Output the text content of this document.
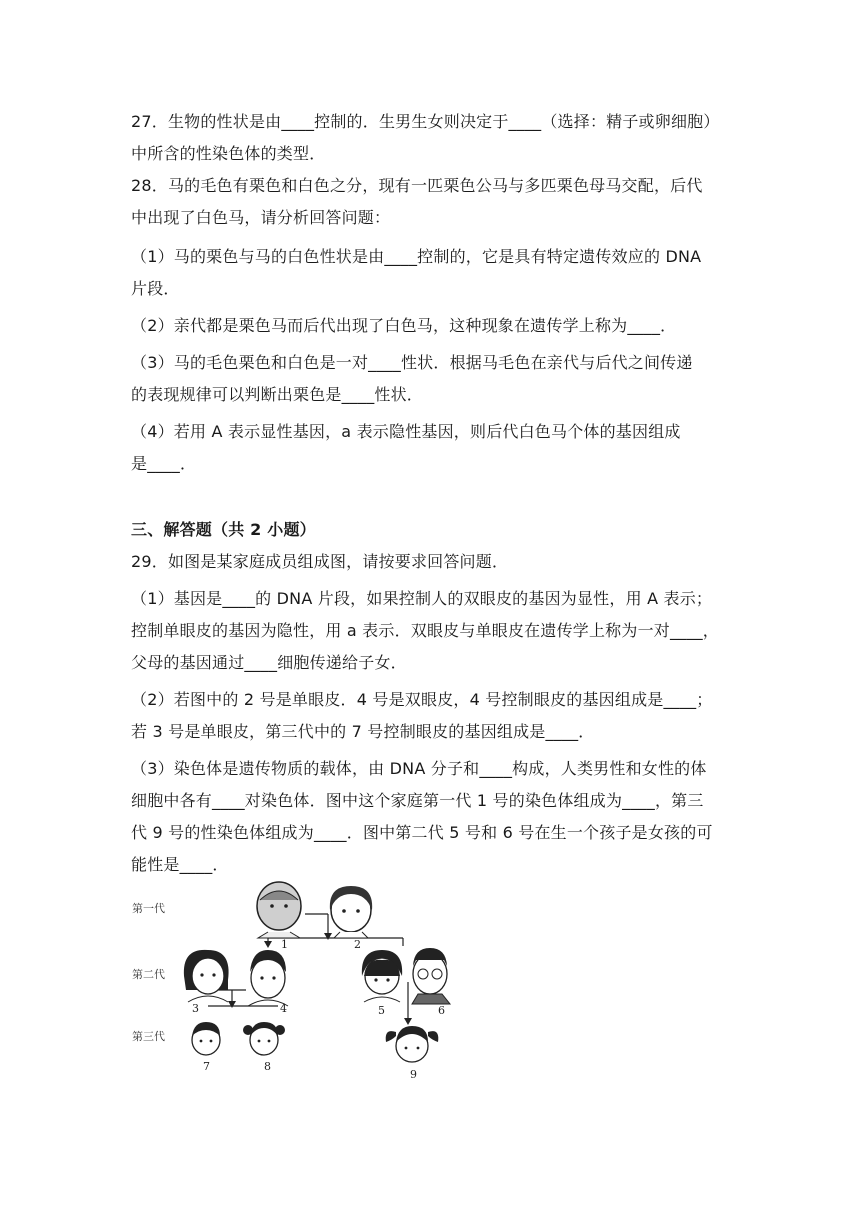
27．生物的性状是由____控制的．生男生女则决定于____（选择：精子或卵细胞）
中所含的性染色体的类型．
28．马的毛色有栗色和白色之分，现有一匹栗色公马与多匹栗色母马交配，后代
中出现了白色马，请分析回答问题：
（1）马的栗色与马的白色性状是由____控制的，它是具有特定遗传效应的 DNA
片段．
（2）亲代都是栗色马而后代出现了白色马，这种现象在遗传学上称为____．
（3）马的毛色栗色和白色是一对____性状．根据马毛色在亲代与后代之间传递
的表现规律可以判断出栗色是____性状．
（4）若用 A 表示显性基因，a 表示隐性基因，则后代白色马个体的基因组成
是____．
三、解答题（共 2 小题）
29．如图是某家庭成员组成图，请按要求回答问题．
（1）基因是____的 DNA 片段，如果控制人的双眼皮的基因为显性，用 A 表示；
控制单眼皮的基因为隐性，用 a 表示．双眼皮与单眼皮在遗传学上称为一对____，
父母的基因通过____细胞传递给子女．
（2）若图中的 2 号是单眼皮．4 号是双眼皮，4 号控制眼皮的基因组成是____；
若 3 号是单眼皮，第三代中的 7 号控制眼皮的基因组成是____．
（3）染色体是遗传物质的载体，由 DNA 分子和____构成，人类男性和女性的体
细胞中各有____对染色体．图中这个家庭第一代 1 号的染色体组成为____，第三
代 9 号的性染色体组成为____．图中第二代 5 号和 6 号在生一个孩子是女孩的可
能性是____．
第一代
第二代
第三代
1	2
3	4	5	6
7	8
9
